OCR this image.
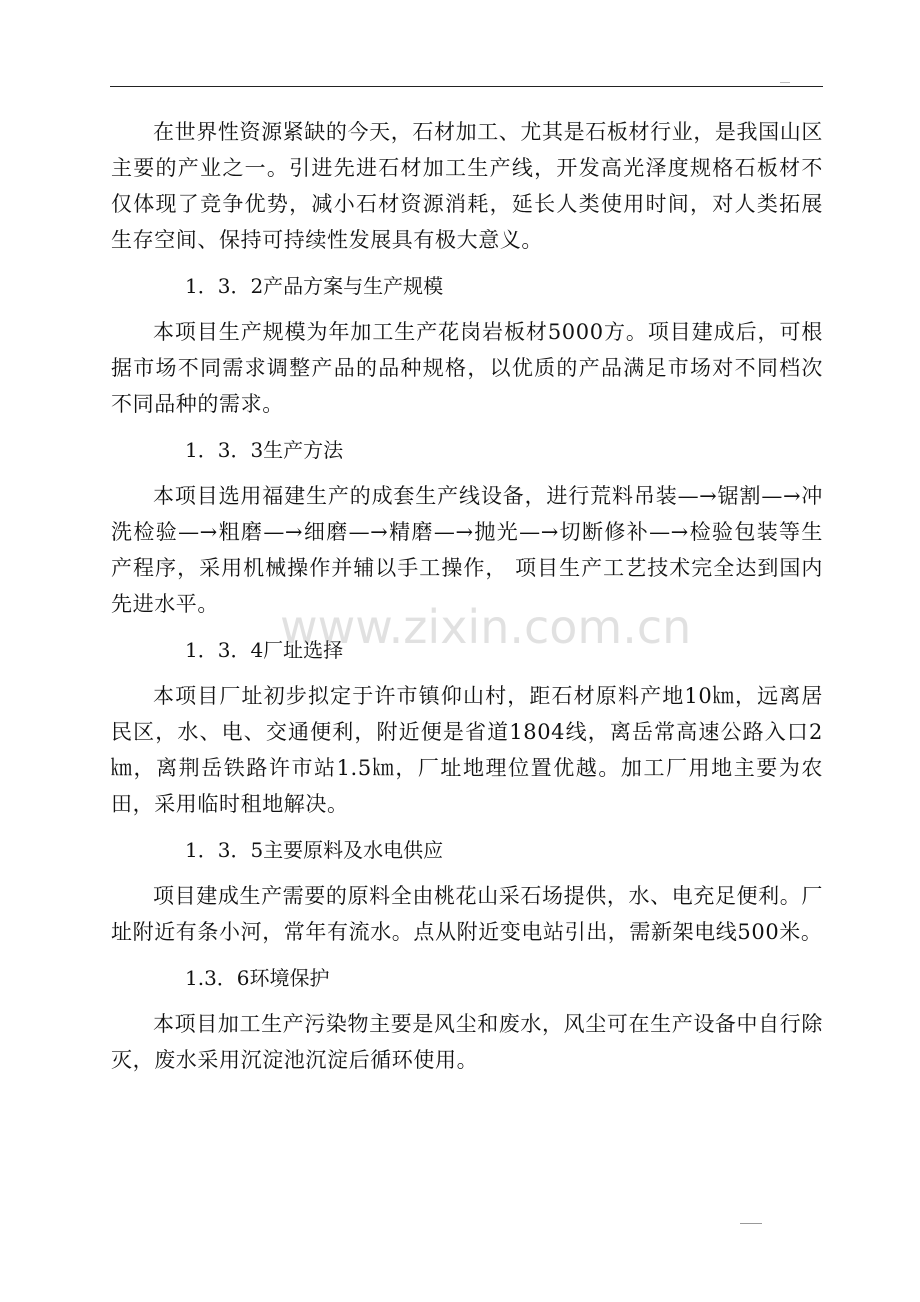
在世界性资源紧缺的今天，石材加工、尤其是石板材行业，是我国山区主要的产业之一。引进先进石材加工生产线，开发高光泽度规格石板材不仅体现了竞争优势，减小石材资源消耗，延长人类使用时间，对人类拓展生存空间、保持可持续性发展具有极大意义。

1．3．2产品方案与生产规模

本项目生产规模为年加工生产花岗岩板材5000方。项目建成后，可根据市场不同需求调整产品的品种规格，以优质的产品满足市场对不同档次不同品种的需求。

1．3．3生产方法

本项目选用福建生产的成套生产线设备，进行荒料吊装—→锯割—→冲洗检验—→粗磨—→细磨—→精磨—→抛光—→切断修补—→检验包装等生产程序，采用机械操作并辅以手工操作， 项目生产工艺技术完全达到国内先进水平。

1．3．4厂址选择

本项目厂址初步拟定于许市镇仰山村，距石材原料产地10㎞，远离居民区，水、电、交通便利，附近便是省道1804线，离岳常高速公路入口2㎞，离荆岳铁路许市站1.5㎞，厂址地理位置优越。加工厂用地主要为农田，采用临时租地解决。

1．3．5主要原料及水电供应

项目建成生产需要的原料全由桃花山采石场提供，水、电充足便利。厂址附近有条小河，常年有流水。点从附近变电站引出，需新架电线500米。

1.3．6环境保护

本项目加工生产污染物主要是风尘和废水，风尘可在生产设备中自行除灭，废水采用沉淀池沉淀后循环使用。

www.zixin.com.cn
